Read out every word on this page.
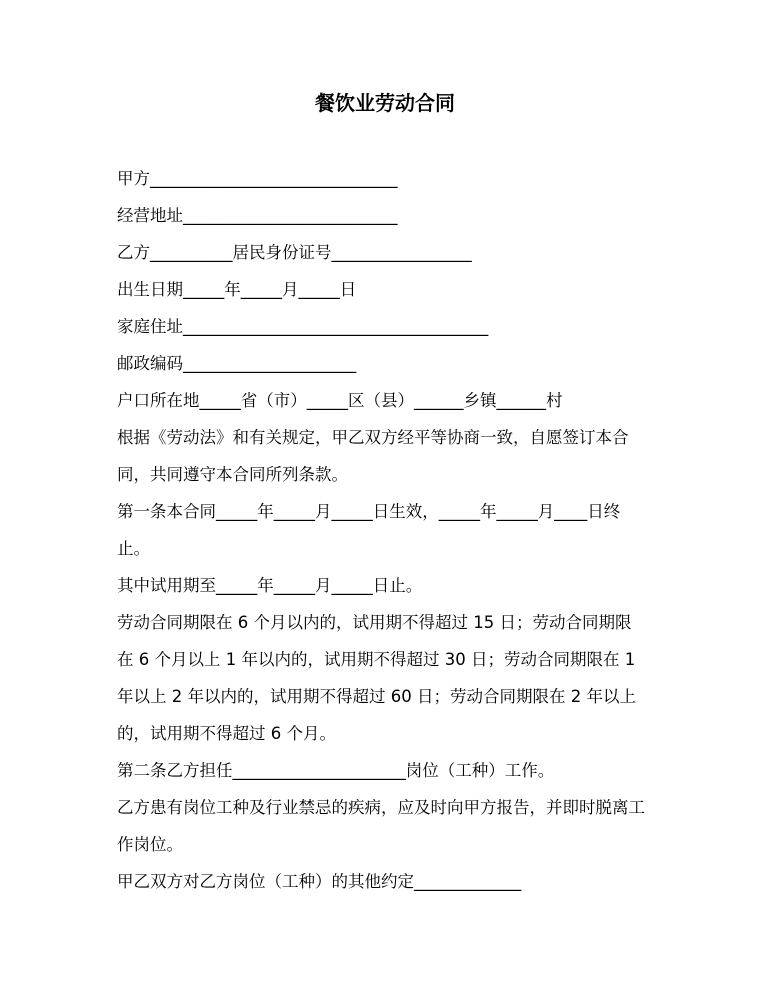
餐饮业劳动合同
甲方______________________________
经营地址__________________________
乙方__________居民身份证号_________________
出生日期_____年_____月_____日
家庭住址_____________________________________
邮政编码_____________________
户口所在地_____省（市）_____区（县）______乡镇______村
根据《劳动法》和有关规定，甲乙双方经平等协商一致，自愿签订本合同，共同遵守本合同所列条款。
第一条本合同_____年_____月_____日生效，_____年_____月____日终止。
其中试用期至_____年_____月_____日止。
劳动合同期限在 6 个月以内的，试用期不得超过 15 日；劳动合同期限在 6 个月以上 1 年以内的，试用期不得超过 30 日；劳动合同期限在 1 年以上 2 年以内的，试用期不得超过 60 日；劳动合同期限在 2 年以上的，试用期不得超过 6 个月。
第二条乙方担任_____________________岗位（工种）工作。
乙方患有岗位工种及行业禁忌的疾病，应及时向甲方报告，并即时脱离工作岗位。
甲乙双方对乙方岗位（工种）的其他约定_____________
